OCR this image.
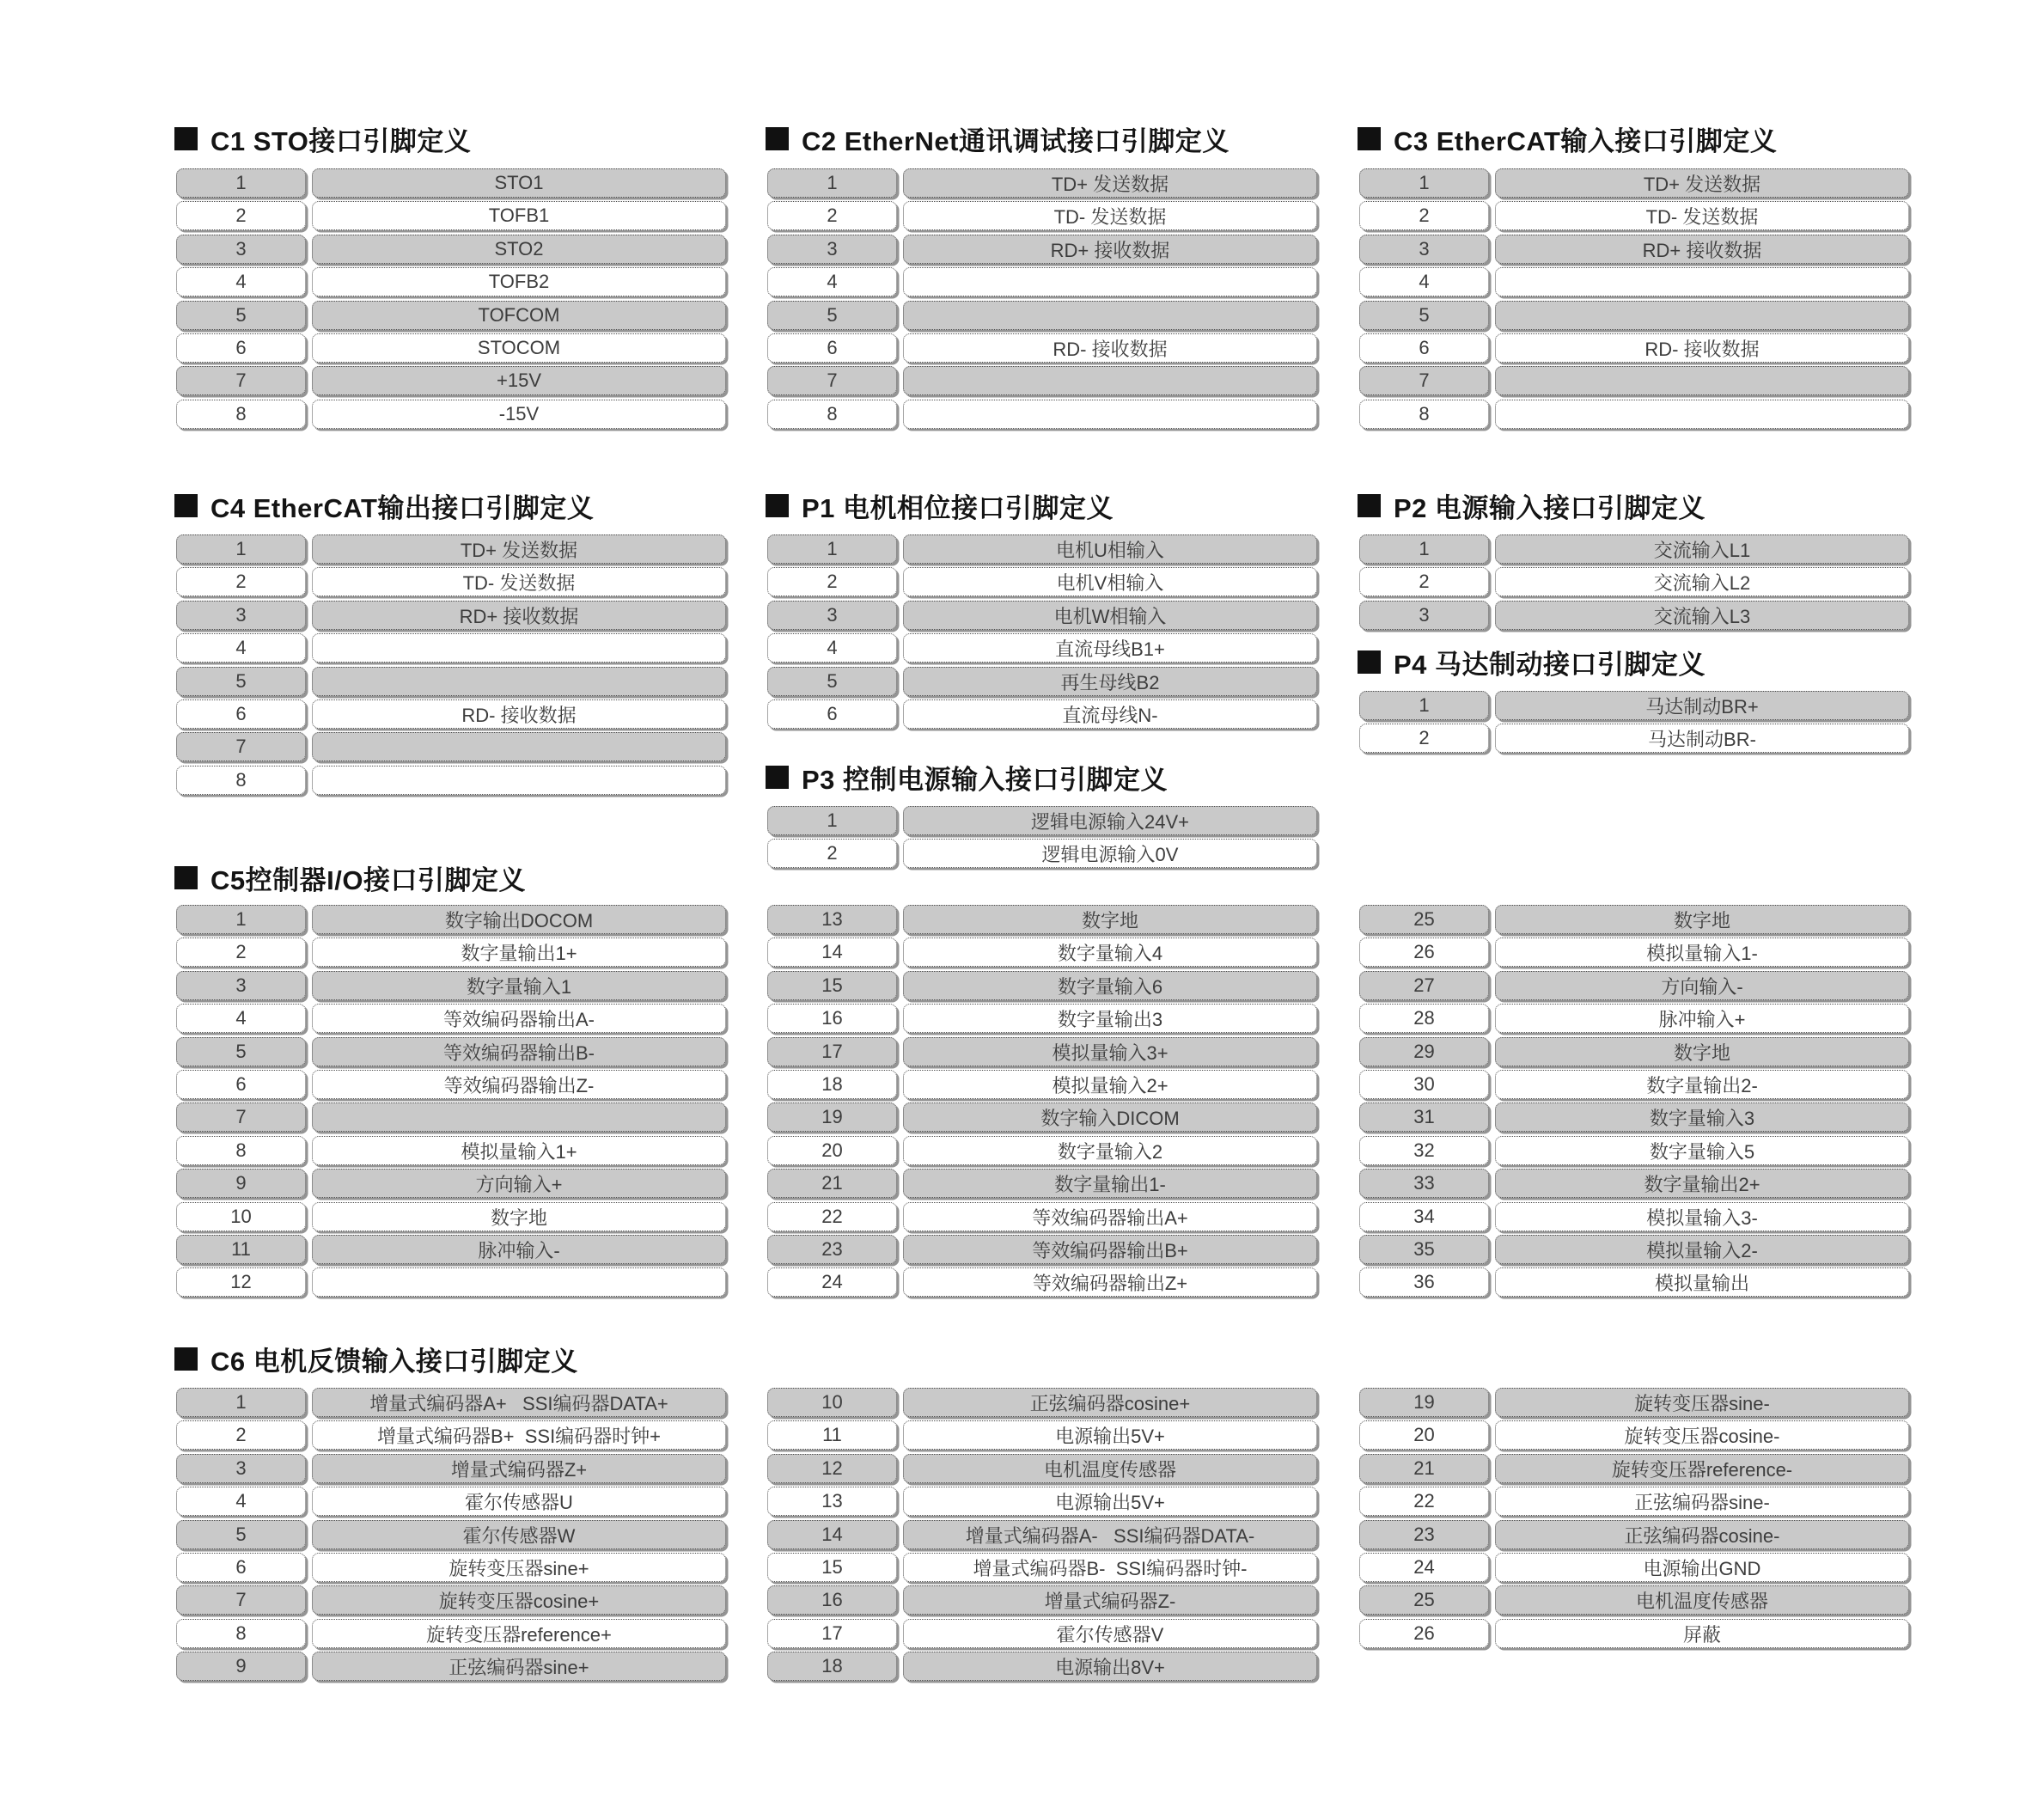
C1 STO接口引脚定义
1	STO1
2	TOFB1
3	STO2
4	TOFB2
5	TOFCOM
6	STOCOM
7	+15V
8	-15V
C2 EtherNet通讯调试接口引脚定义
1	TD+ 发送数据
2	TD- 发送数据
3	RD+ 接收数据
4
5
6	RD- 接收数据
7
8
C3 EtherCAT输入接口引脚定义
1	TD+ 发送数据
2	TD- 发送数据
3	RD+ 接收数据
4
5
6	RD- 接收数据
7
8
C4 EtherCAT输出接口引脚定义
1	TD+ 发送数据
2	TD- 发送数据
3	RD+ 接收数据
4
5
6	RD- 接收数据
7
8
P1 电机相位接口引脚定义
1	电机U相输入
2	电机V相输入
3	电机W相输入
4	直流母线B1+
5	再生母线B2
6	直流母线N-
P2 电源输入接口引脚定义
1	交流输入L1
2	交流输入L2
3	交流输入L3
P4 马达制动接口引脚定义
1	马达制动BR+
2	马达制动BR-
P3 控制电源输入接口引脚定义
1	逻辑电源输入24V+
2	逻辑电源输入0V
C5控制器I/O接口引脚定义
1	数字输出DOCOM
2	数字量输出1+
3	数字量输入1
4	等效编码器输出A-
5	等效编码器输出B-
6	等效编码器输出Z-
7
8	模拟量输入1+
9	方向输入+
10	数字地
11	脉冲输入-
12
13	数字地
14	数字量输入4
15	数字量输入6
16	数字量输出3
17	模拟量输入3+
18	模拟量输入2+
19	数字输入DICOM
20	数字量输入2
21	数字量输出1-
22	等效编码器输出A+
23	等效编码器输出B+
24	等效编码器输出Z+
25	数字地
26	模拟量输入1-
27	方向输入-
28	脉冲输入+
29	数字地
30	数字量输出2-
31	数字量输入3
32	数字量输入5
33	数字量输出2+
34	模拟量输入3-
35	模拟量输入2-
36	模拟量输出
C6 电机反馈输入接口引脚定义
1	增量式编码器A+   SSI编码器DATA+
2	增量式编码器B+  SSI编码器时钟+
3	增量式编码器Z+
4	霍尔传感器U
5	霍尔传感器W
6	旋转变压器sine+
7	旋转变压器cosine+
8	旋转变压器reference+
9	正弦编码器sine+
10	正弦编码器cosine+
11	电源输出5V+
12	电机温度传感器
13	电源输出5V+
14	增量式编码器A-   SSI编码器DATA-
15	增量式编码器B-  SSI编码器时钟-
16	增量式编码器Z-
17	霍尔传感器V
18	电源输出8V+
19	旋转变压器sine-
20	旋转变压器cosine-
21	旋转变压器reference-
22	正弦编码器sine-
23	正弦编码器cosine-
24	电源输出GND
25	电机温度传感器
26	屏蔽
